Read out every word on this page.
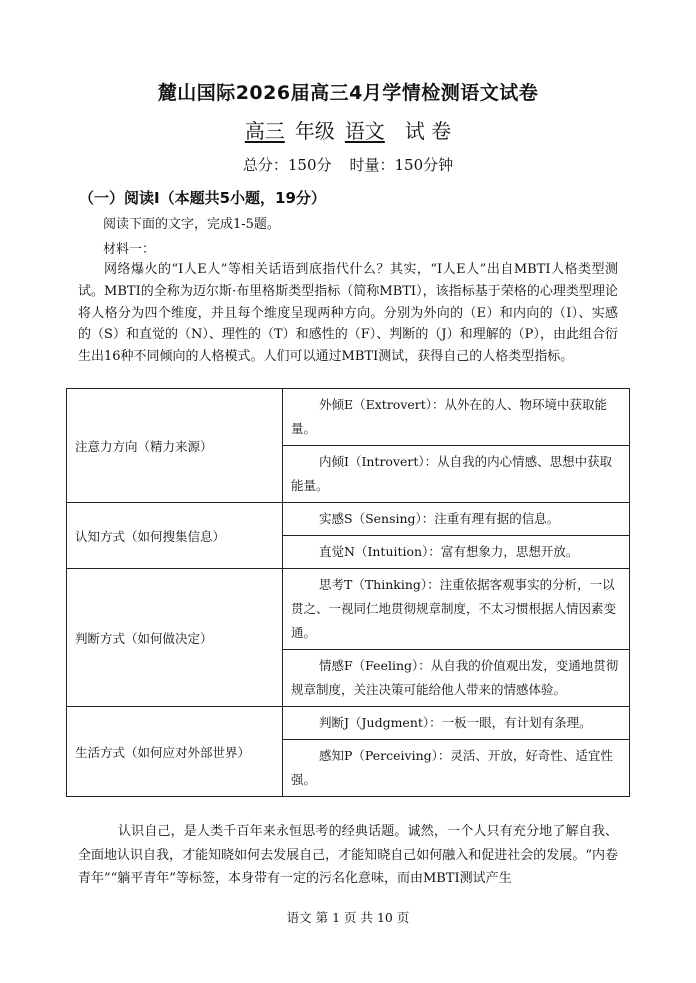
麓山国际2026届高三4月学情检测语文试卷
高三 年级 语文 试 卷
总分：150分 时量：150分钟
（一）阅读Ⅰ（本题共5小题，19分）
阅读下面的文字，完成1-5题。
材料一：
网络爆火的“I人E人”等相关话语到底指代什么？其实，“I人E人”出自MBTI人格类型测试。MBTI的全称为迈尔斯·布里格斯类型指标（简称MBTI），该指标基于荣格的心理类型理论将人格分为四个维度，并且每个维度呈现两种方向。分别为外向的（E）和内向的（I）、实感的（S）和直觉的（N）、理性的（T）和感性的（F）、判断的（J）和理解的（P），由此组合衍生出16种不同倾向的人格模式。人们可以通过MBTI测试，获得自己的人格类型指标。
注意力方向（精力来源）	外倾E（Extrovert）：从外在的人、物环境中获取能量。

	内倾I（Introvert）：从自我的内心情感、思想中获取能量。

认知方式（如何搜集信息）	实感S（Sensing）：注重有理有据的信息。

	直觉N（Intuition）：富有想象力，思想开放。

判断方式（如何做决定）	思考T（Thinking）：注重依据客观事实的分析，一以贯之、一视同仁地贯彻规章制度，不太习惯根据人情因素变通。

	情感F（Feeling）：从自我的价值观出发，变通地贯彻规章制度，关注决策可能给他人带来的情感体验。

生活方式（如何应对外部世界）	判断J（Judgment）：一板一眼，有计划有条理。

	感知P（Perceiving）：灵活、开放，好奇性、适宜性强。
认识自己，是人类千百年来永恒思考的经典话题。诚然，一个人只有充分地了解自我、全面地认识自我，才能知晓如何去发展自己，才能知晓自己如何融入和促进社会的发展。“内卷青年”“躺平青年”等标签，本身带有一定的污名化意味，而由MBTI测试产生
语文 第 1 页 共 10 页
